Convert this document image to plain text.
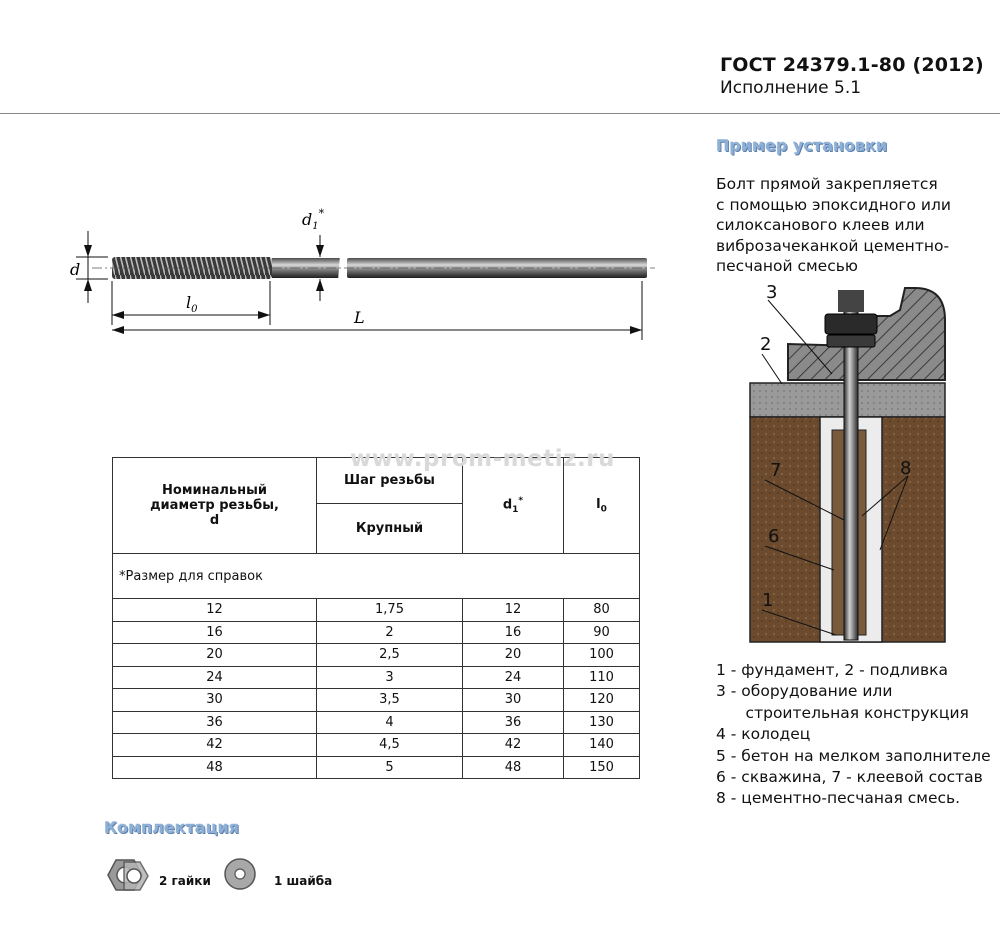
ГОСТ 24379.1-80 (2012)
Исполнение 5.1
d
$d_1^*$
$l_0$	L
Номинальный
диаметр резьбы,
d	Шаг резьбы	$d_1^*$	$l_0$
	Крупный		
*Размер для справок			
12	1,75	12	80
16	2	16	90
20	2,5	20	100
24	3	24	110
30	3,5	30	120
36	4	36	130
42	4,5	42	140
48	5	48	150
www.prom-metiz.ru
Комплектация
2 гайки	1 шайба
Пример установки
Болт прямой закрепляется
с помощью эпоксидного или
силоксанового клеев или
виброзачеканкой цементно-
песчаной смесью
3
2
7	8
6
1
1 - фундамент, 2 - подливка
3 - оборудование или
строительная конструкция
4 - колодец
5 - бетон на мелком заполнителе
6 - скважина, 7 - клеевой состав
8 - цементно-песчаная смесь.
